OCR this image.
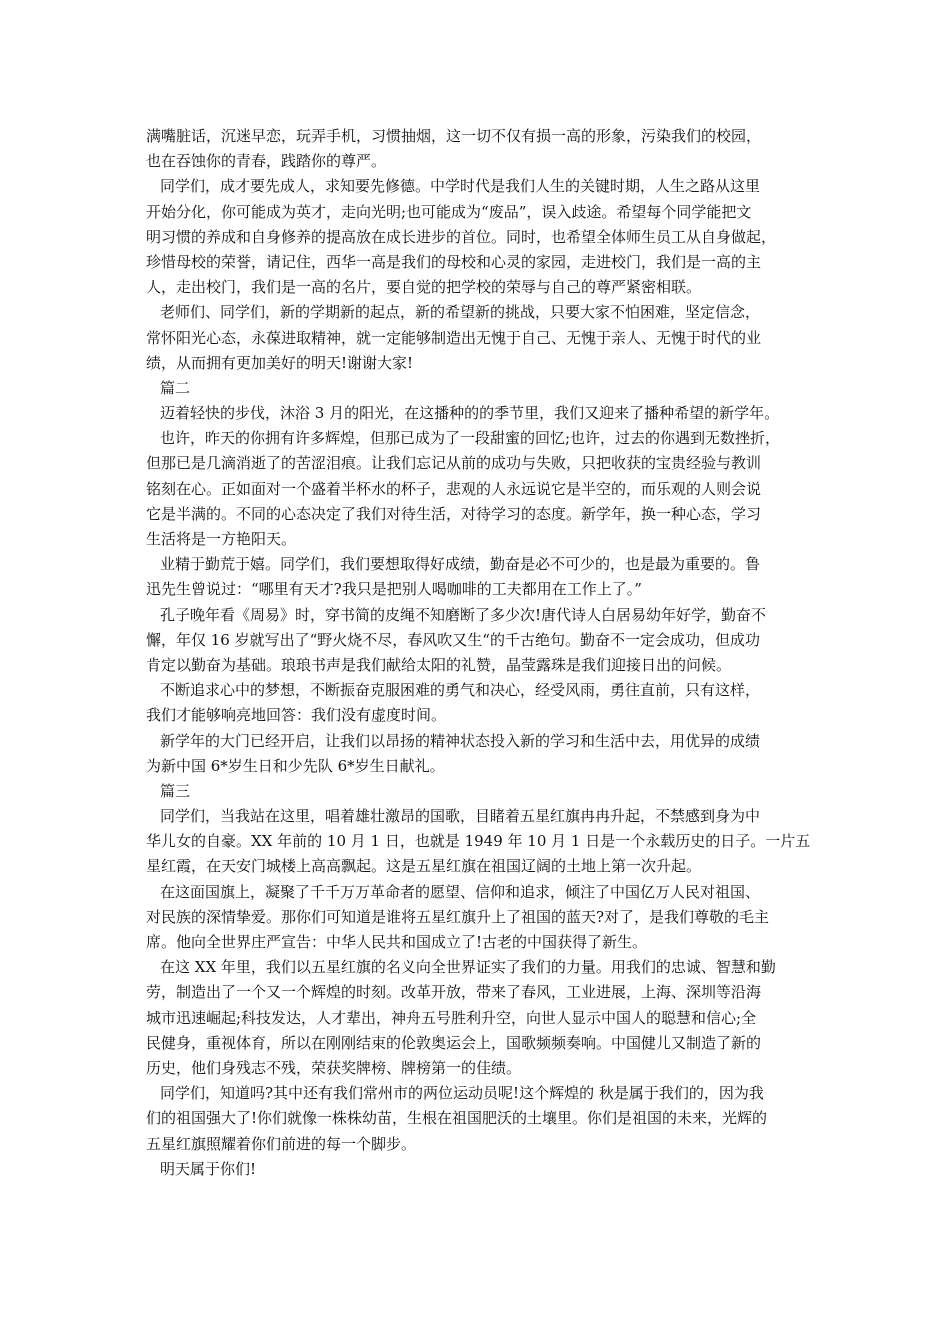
满嘴脏话，沉迷早恋，玩弄手机，习惯抽烟，这一切不仅有损一高的形象，污染我们的校园，
也在吞蚀你的青春，践踏你的尊严。
同学们，成才要先成人，求知要先修德。中学时代是我们人生的关键时期，人生之路从这里
开始分化，你可能成为英才，走向光明;也可能成为“废品”，误入歧途。希望每个同学能把文
明习惯的养成和自身修养的提高放在成长进步的首位。同时，也希望全体师生员工从自身做起，
珍惜母校的荣誉，请记住，西华一高是我们的母校和心灵的家园，走进校门，我们是一高的主
人，走出校门，我们是一高的名片，要自觉的把学校的荣辱与自己的尊严紧密相联。
老师们、同学们，新的学期新的起点，新的希望新的挑战，只要大家不怕困难，坚定信念，
常怀阳光心态，永葆进取精神，就一定能够制造出无愧于自己、无愧于亲人、无愧于时代的业
绩，从而拥有更加美好的明天!谢谢大家!
篇二
迈着轻快的步伐，沐浴 3 月的阳光，在这播种的的季节里，我们又迎来了播种希望的新学年。
也许，昨天的你拥有许多辉煌，但那已成为了一段甜蜜的回忆;也许，过去的你遇到无数挫折，
但那已是几滴消逝了的苦涩泪痕。让我们忘记从前的成功与失败，只把收获的宝贵经验与教训
铭刻在心。正如面对一个盛着半杯水的杯子，悲观的人永远说它是半空的，而乐观的人则会说
它是半满的。不同的心态决定了我们对待生活，对待学习的态度。新学年，换一种心态，学习
生活将是一方艳阳天。
业精于勤荒于嬉。同学们，我们要想取得好成绩，勤奋是必不可少的，也是最为重要的。鲁
迅先生曾说过：“哪里有天才?我只是把别人喝咖啡的工夫都用在工作上了。”
孔子晚年看《周易》时，穿书简的皮绳不知磨断了多少次!唐代诗人白居易幼年好学，勤奋不
懈，年仅 16 岁就写出了“野火烧不尽，春风吹又生“的千古绝句。勤奋不一定会成功，但成功
肯定以勤奋为基础。琅琅书声是我们献给太阳的礼赞，晶莹露珠是我们迎接日出的问候。
不断追求心中的梦想，不断振奋克服困难的勇气和决心，经受风雨，勇往直前，只有这样，
我们才能够响亮地回答：我们没有虚度时间。
新学年的大门已经开启，让我们以昂扬的精神状态投入新的学习和生活中去，用优异的成绩
为新中国 6*岁生日和少先队 6*岁生日献礼。
篇三
同学们，当我站在这里，唱着雄壮激昂的国歌，目睹着五星红旗冉冉升起，不禁感到身为中
华儿女的自豪。XX 年前的 10 月 1 日，也就是 1949 年 10 月 1 日是一个永载历史的日子。一片五
星红霞，在天安门城楼上高高飘起。这是五星红旗在祖国辽阔的土地上第一次升起。
在这面国旗上，凝聚了千千万万革命者的愿望、信仰和追求，倾注了中国亿万人民对祖国、
对民族的深情挚爱。那你们可知道是谁将五星红旗升上了祖国的蓝天?对了，是我们尊敬的毛主
席。他向全世界庄严宣告：中华人民共和国成立了!古老的中国获得了新生。
在这 XX 年里，我们以五星红旗的名义向全世界证实了我们的力量。用我们的忠诚、智慧和勤
劳，制造出了一个又一个辉煌的时刻。改革开放，带来了春风，工业进展，上海、深圳等沿海
城市迅速崛起;科技发达，人才辈出，神舟五号胜利升空，向世人显示中国人的聪慧和信心;全
民健身，重视体育，所以在刚刚结束的伦敦奥运会上，国歌频频奏响。中国健儿又制造了新的
历史，他们身残志不残，荣获奖牌榜、牌榜第一的佳绩。
同学们，知道吗?其中还有我们常州市的两位运动员呢!这个辉煌的 秋是属于我们的，因为我
们的祖国强大了!你们就像一株株幼苗，生根在祖国肥沃的土壤里。你们是祖国的未来，光辉的
五星红旗照耀着你们前进的每一个脚步。
明天属于你们!
